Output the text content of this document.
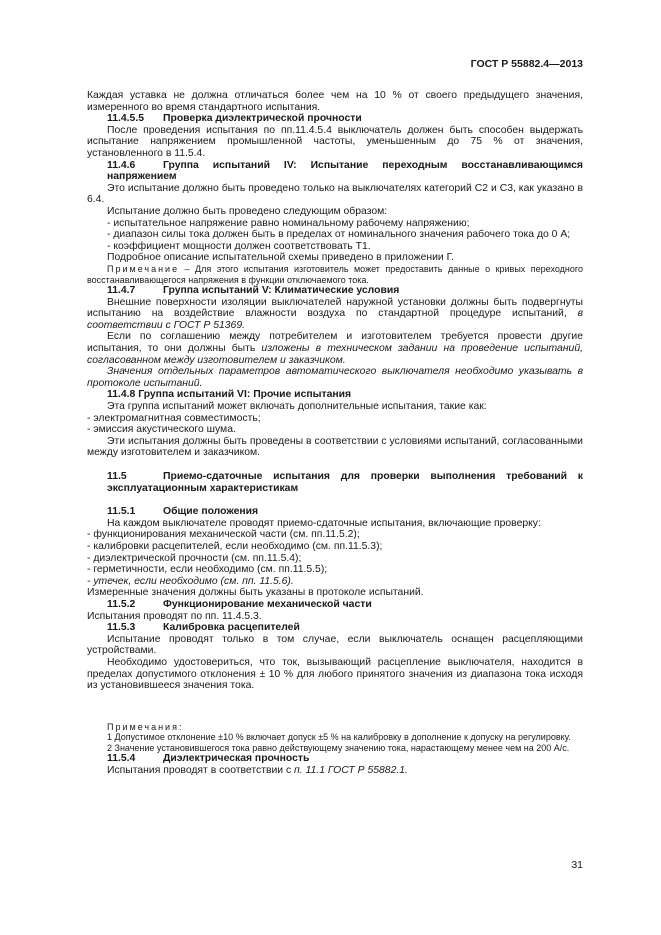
ГОСТ Р 55882.4—2013

Каждая уставка не должна отличаться более чем на 10 % от своего предыдущего значения, измеренного во время стандартного испытания.

11.4.5.5 Проверка диэлектрической прочности

После проведения испытания по пп.11.4.5.4 выключатель должен быть способен выдержать испытание напряжением промышленной частоты, уменьшенным до 75 % от значения, установленного в 11.5.4.

11.4.6	Группа испытаний IV: Испытание переходным восстанавливающимся напряжением

Это испытание должно быть проведено только на выключателях категорий С2 и С3, как указано в 6.4.

Испытание должно быть проведено следующим образом:

- испытательное напряжение равно номинальному рабочему напряжению;

- диапазон силы тока должен быть в пределах от номинального значения рабочего тока до 0 А;

- коэффициент мощности должен соответствовать Т1.

Подробное описание испытательной схемы приведено в приложении Г.

Примечание – Для этого испытания изготовитель может предоставить данные о кривых переходного восстанавливающегося напряжения в функции отключаемого тока.

11.4.7	Группа испытаний V: Климатические условия

Внешние поверхности изоляции выключателей наружной установки должны быть подвергнуты испытанию на воздействие влажности воздуха по стандартной процедуре испытаний, в соответствии с ГОСТ Р 51369.

Если по соглашению между потребителем и изготовителем требуется провести другие испытания, то они должны быть изложены в техническом задании на проведение испытаний, согласованном между изготовителем и заказчиком.

Значения отдельных параметров автоматического выключателя необходимо указывать в протоколе испытаний.

11.4.8 Группа испытаний VI: Прочие испытания

Эта группа испытаний может включать дополнительные испытания, такие как:

- электромагнитная совместимость;

- эмиссия акустического шума.

Эти испытания должны быть проведены в соответствии с условиями испытаний, согласованными между изготовителем и заказчиком.

11.5	Приемо-сдаточные испытания для проверки выполнения требований к эксплуатационным характеристикам
11.5.1	Общие положения

На каждом выключателе проводят приемо-сдаточные испытания, включающие проверку:

- функционирования механической части (см. пп.11.5.2);

- калибровки расцепителей, если необходимо (см. пп.11.5.3);

- диэлектрической прочности (см. пп.11.5.4);

- герметичности, если необходимо (см. пп.11.5.5);

- утечек, если необходимо (см. пп. 11.5.6).

Измеренные значения должны быть указаны в протоколе испытаний.

11.5.2	Функционирование механической части

Испытания проводят по пп. 11.4.5.3.

11.5.3	Калибровка расцепителей

Испытание проводят только в том случае, если выключатель оснащен расцепляющими устройствами.

Необходимо удостовериться, что ток, вызывающий расцепление выключателя, находится в пределах допустимого отклонения ± 10 % для любого принятого значения из диапазона тока исходя из установившееся значения тока.

Примечания:

1 Допустимое отклонение ±10 % включает допуск ±5 % на калибровку в дополнение к допуску на регулировку.

2 Значение установившегося тока равно действующему значению тока, нарастающему менее чем на 200 А/с.

11.5.4	Диэлектрическая прочность

Испытания проводят в соответствии с п. 11.1 ГОСТ Р 55882.1.

31
